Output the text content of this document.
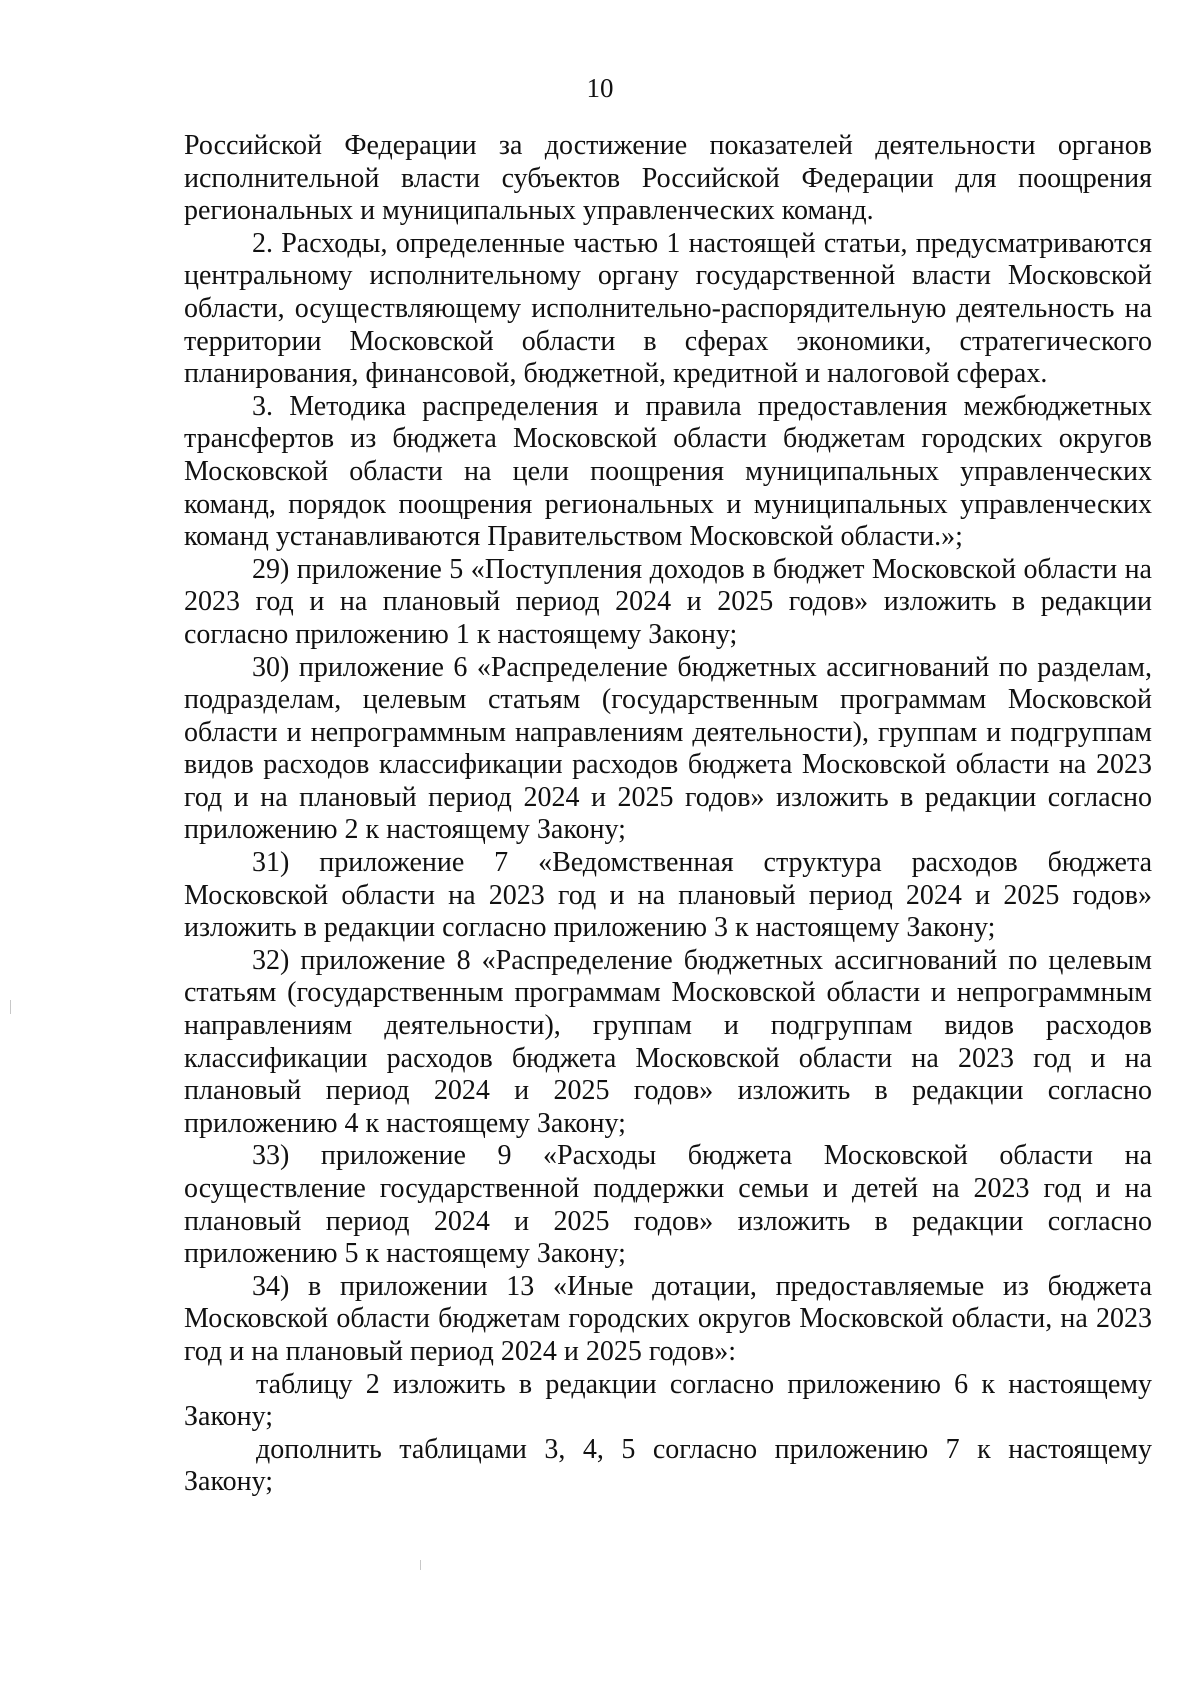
10

Российской Федерации за достижение показателей деятельности органов исполнительной власти субъектов Российской Федерации для поощрения региональных и муниципальных управленческих команд.

2. Расходы, определенные частью 1 настоящей статьи, предусматриваются центральному исполнительному органу государственной власти Московской области, осуществляющему исполнительно-распорядительную деятельность на территории Московской области в сферах экономики, стратегического планирования, финансовой, бюджетной, кредитной и налоговой сферах.

3. Методика распределения и правила предоставления межбюджетных трансфертов из бюджета Московской области бюджетам городских округов Московской области на цели поощрения муниципальных управленческих команд, порядок поощрения региональных и муниципальных управленческих команд устанавливаются Правительством Московской области.»;

29) приложение 5 «Поступления доходов в бюджет Московской области на 2023 год и на плановый период 2024 и 2025 годов» изложить в редакции согласно приложению 1 к настоящему Закону;

30) приложение 6 «Распределение бюджетных ассигнований по разделам, подразделам, целевым статьям (государственным программам Московской области и непрограммным направлениям деятельности), группам и подгруппам видов расходов классификации расходов бюджета Московской области на 2023 год и на плановый период 2024 и 2025 годов» изложить в редакции согласно приложению 2 к настоящему Закону;

31) приложение 7 «Ведомственная структура расходов бюджета Московской области на 2023 год и на плановый период 2024 и 2025 годов» изложить в редакции согласно приложению 3 к настоящему Закону;

32) приложение 8 «Распределение бюджетных ассигнований по целевым статьям (государственным программам Московской области и непрограммным направлениям деятельности), группам и подгруппам видов расходов классификации расходов бюджета Московской области на 2023 год и на плановый период 2024 и 2025 годов» изложить в редакции согласно приложению 4 к настоящему Закону;

33) приложение 9 «Расходы бюджета Московской области на осуществление государственной поддержки семьи и детей на 2023 год и на плановый период 2024 и 2025 годов» изложить в редакции согласно приложению 5 к настоящему Закону;

34) в приложении 13 «Иные дотации, предоставляемые из бюджета Московской области бюджетам городских округов Московской области, на 2023 год и на плановый период 2024 и 2025 годов»:

таблицу 2 изложить в редакции согласно приложению 6 к настоящему Закону;

дополнить таблицами 3, 4, 5 согласно приложению 7 к настоящему Закону;
